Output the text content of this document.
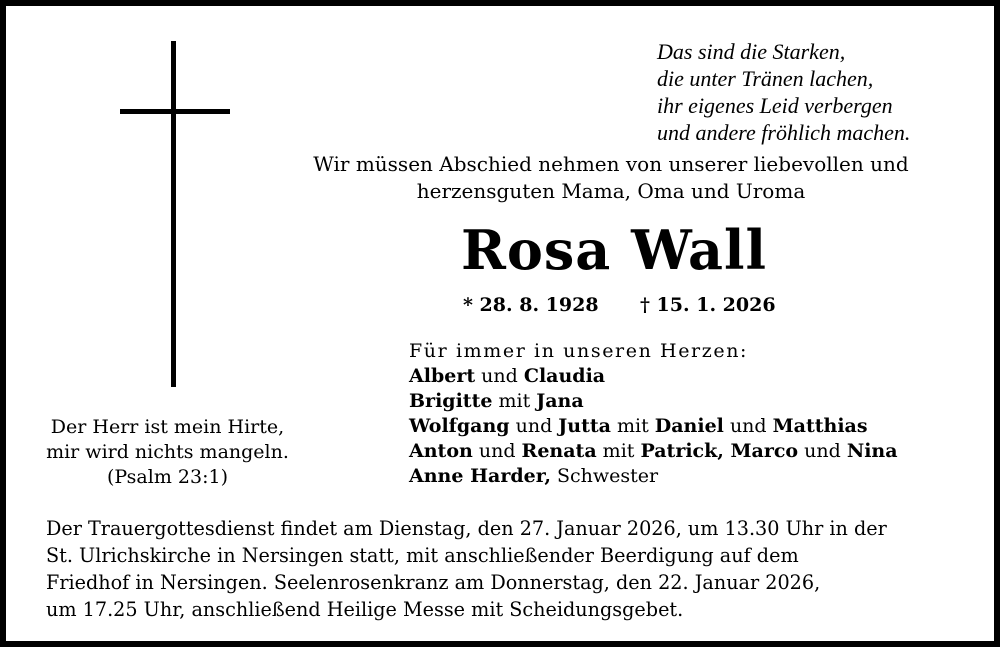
Das sind die Starken,
die unter Tränen lachen,
ihr eigenes Leid verbergen
und andere fröhlich machen.
Wir müssen Abschied nehmen von unserer liebevollen und
herzensguten Mama, Oma und Uroma
Rosa Wall
* 28. 8. 1928 † 15. 1. 2026
Für immer in unseren Herzen:
Albert und Claudia
Brigitte mit Jana
Wolfgang und Jutta mit Daniel und Matthias
Anton und Renata mit Patrick, Marco und Nina
Anne Harder, Schwester
Der Herr ist mein Hirte,
mir wird nichts mangeln.
(Psalm 23:1)
Der Trauergottesdienst findet am Dienstag, den 27. Januar 2026, um 13.30 Uhr in der
St. Ulrichskirche in Nersingen statt, mit anschließender Beerdigung auf dem
Friedhof in Nersingen. Seelenrosenkranz am Donnerstag, den 22. Januar 2026,
um 17.25 Uhr, anschließend Heilige Messe mit Scheidungsgebet.
